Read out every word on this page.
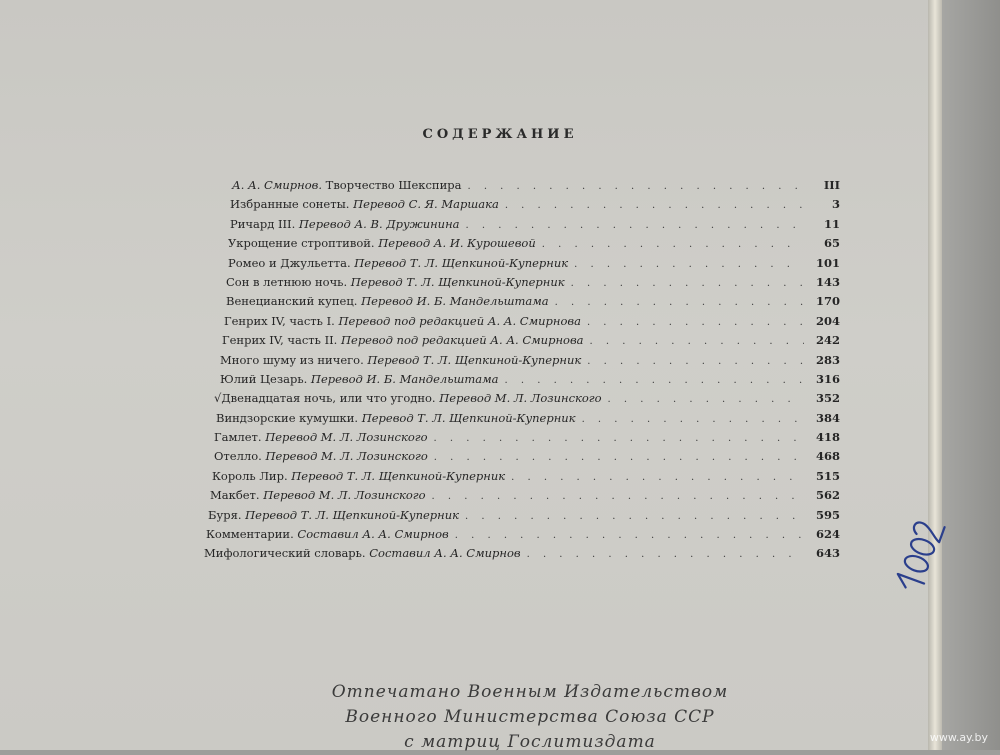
СОДЕРЖАНИЕ
А. А. Смирнов. Творчество Шекспира . . .	III
Избранные сонеты. Перевод С. Я. Маршака . . .	3
Ричард III. Перевод А. В. Дружинина . . .	11
Укрощение строптивой. Перевод А. И. Курошевой . . .	65
Ромео и Джульетта. Перевод Т. Л. Щепкиной-Куперник . . .	101
Сон в летнюю ночь. Перевод Т. Л. Щепкиной-Куперник . . .	143
Венецианский купец. Перевод И. Б. Мандельштама . . .	170
Генрих IV, часть I. Перевод под редакцией А. А. Смирнова . . .	204
Генрих IV, часть II. Перевод под редакцией А. А. Смирнова . . .	242
Много шуму из ничего. Перевод Т. Л. Щепкиной-Куперник . . .	283
Юлий Цезарь. Перевод И. Б. Мандельштама . . .	316
√Двенадцатая ночь, или что угодно. Перевод М. Л. Лозинского . . .	352
Виндзорские кумушки. Перевод Т. Л. Щепкиной-Куперник . . .	384
Гамлет. Перевод М. Л. Лозинского . . .	418
Отелло. Перевод М. Л. Лозинского . . .	468
Король Лир. Перевод Т. Л. Щепкиной-Куперник . . .	515
Макбет. Перевод М. Л. Лозинского . . .	562
Буря. Перевод Т. Л. Щепкиной-Куперник . . .	595
Комментарии. Составил А. А. Смирнов . . .	624
Мифологический словарь. Составил А. А. Смирнов . . .	643
Отпечатано Военным Издательством
Военного Министерства Союза ССР
с матриц Гослитиздата	www.ay.by
